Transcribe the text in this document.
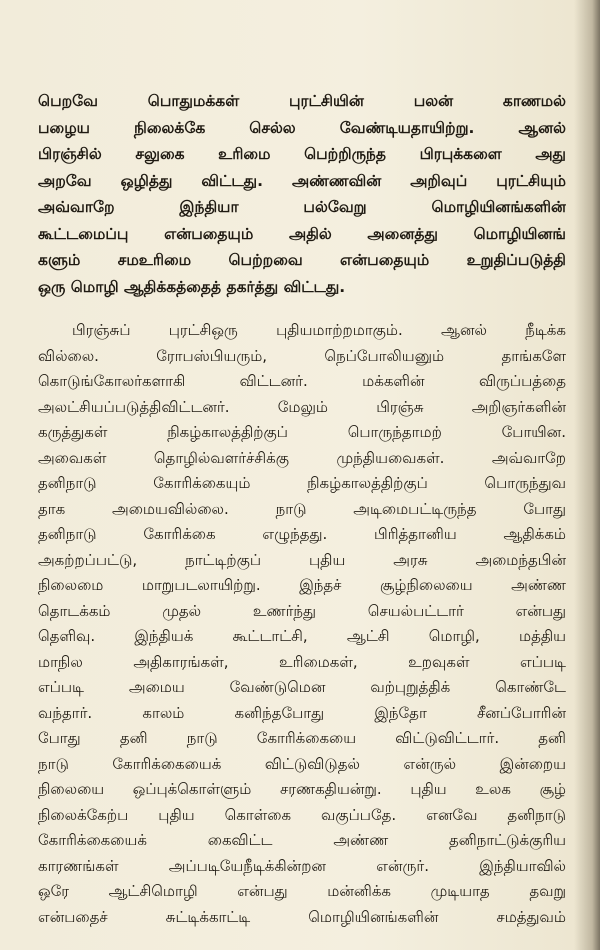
பெறவே பொதுமக்கள் புரட்சியின் பலன் காணமல்
பழைய நிலைக்கே செல்ல வேண்டியதாயிற்று. ஆனல்
பிரஞ்சில் சலுகை உரிமை பெற்றிருந்த பிரபுக்களை அது
அறவே ஒழித்து விட்டது. அண்ணவின் அறிவுப் புரட்சியும்
அவ்வாறே இந்தியா பல்வேறு மொழியினங்களின்
கூட்டமைப்பு என்பதையும் அதில் அனைத்து மொழியினங்
களும் சமஉரிமை பெற்றவை என்பதையும் உறுதிப்படுத்தி
ஒரு மொழி ஆதிக்கத்தைத் தகர்த்து விட்டது.
பிரஞ்சுப் புரட்சிஒரு புதியமாற்றமாகும். ஆனல் நீடிக்க
வில்லை. ரோபஸ்பியரும், நெப்போலியனும் தாங்களே
கொடுங்கோலர்களாகி விட்டனர். மக்களின் விருப்பத்தை
அலட்சியப்படுத்திவிட்டனர். மேலும் பிரஞ்சு அறிஞர்களின்
கருத்துகள் நிகழ்காலத்திற்குப் பொருந்தாமற் போயின.
அவைகள் தொழில்வளர்ச்சிக்கு முந்தியவைகள். அவ்வாறே
தனிநாடு கோரிக்கையும் நிகழ்காலத்திற்குப் பொருந்துவ
தாக அமையவில்லை. நாடு அடிமைபட்டிருந்த போது
தனிநாடு கோரிக்கை எழுந்தது. பிரித்தானிய ஆதிக்கம்
அகற்றப்பட்டு, நாட்டிற்குப் புதிய அரசு அமைந்தபின்
நிலைமை மாறுபடலாயிற்று. இந்தச் சூழ்நிலையை அண்ண
தொடக்கம் முதல் உணர்ந்து செயல்பட்டார் என்பது
தெளிவு. இந்தியக் கூட்டாட்சி, ஆட்சி மொழி, மத்திய
மாநில அதிகாரங்கள், உரிமைகள், உறவுகள் எப்படி
எப்படி அமைய வேண்டுமென வற்புறுத்திக் கொண்டே
வந்தார். காலம் கனிந்தபோது இந்தோ சீனப்போரின்
போது தனி நாடு கோரிக்கையை விட்டுவிட்டார். தனி
நாடு கோரிக்கையைக் விட்டுவிடுதல் என்ருல் இன்றைய
நிலையை ஒப்புக்கொள்ளும் சரணகதியன்று. புதிய உலக சூழ்
நிலைக்கேற்ப புதிய கொள்கை வகுப்பதே. எனவே தனிநாடு
கோரிக்கையைக் கைவிட்ட அண்ண தனிநாட்டுக்குரிய
காரணங்கள் அப்படியேநீடிக்கின்றன என்ருர். இந்தியாவில்
ஒரே ஆட்சிமொழி என்பது மன்னிக்க முடியாத தவறு
என்பதைச் சுட்டிக்காட்டி மொழியினங்களின் சமத்துவம்
